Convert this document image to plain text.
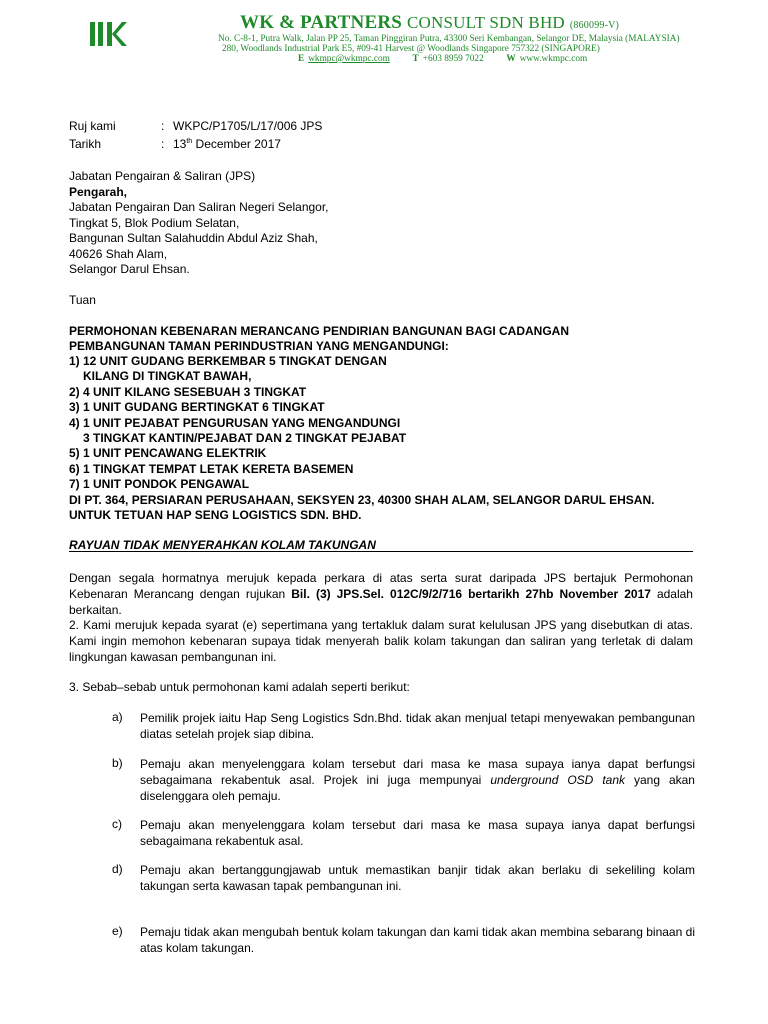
WK & PARTNERS CONSULT SDN BHD (860099-V)
No. C-8-1, Putra Walk, Jalan PP 25, Taman Pinggiran Putra, 43300 Seri Kembangan, Selangor DE, Malaysia (MALAYSIA)
280, Woodlands Industrial Park E5, #09-41 Harvest @ Woodlands Singapore 757322 (SINGAPORE)
E wkmpc@wkmpc.com T +603 8959 7022 W www.wkmpc.com
Ruj kami	: WKPC/P1705/L/17/006 JPS
Tarikh	: 13th December 2017
Jabatan Pengairan & Saliran (JPS)
Pengarah,
Jabatan Pengairan Dan Saliran Negeri Selangor,
Tingkat 5, Blok Podium Selatan,
Bangunan Sultan Salahuddin Abdul Aziz Shah,
40626 Shah Alam,
Selangor Darul Ehsan.
Tuan
PERMOHONAN KEBENARAN MERANCANG PENDIRIAN BANGUNAN BAGI CADANGAN
PEMBANGUNAN TAMAN PERINDUSTRIAN YANG MENGANDUNGI:
1) 12 UNIT GUDANG BERKEMBAR 5 TINGKAT DENGAN
KILANG DI TINGKAT BAWAH,
2) 4 UNIT KILANG SESEBUAH 3 TINGKAT
3) 1 UNIT GUDANG BERTINGKAT 6 TINGKAT
4) 1 UNIT PEJABAT PENGURUSAN YANG MENGANDUNGI
3 TINGKAT KANTIN/PEJABAT DAN 2 TINGKAT PEJABAT
5) 1 UNIT PENCAWANG ELEKTRIK
6) 1 TINGKAT TEMPAT LETAK KERETA BASEMEN
7) 1 UNIT PONDOK PENGAWAL
DI PT. 364, PERSIARAN PERUSAHAAN, SEKSYEN 23, 40300 SHAH ALAM, SELANGOR DARUL EHSAN.
UNTUK TETUAN HAP SENG LOGISTICS SDN. BHD.
RAYUAN TIDAK MENYERAHKAN KOLAM TAKUNGAN
Dengan segala hormatnya merujuk kepada perkara di atas serta surat daripada JPS bertajuk Permohonan Kebenaran Merancang dengan rujukan Bil. (3) JPS.Sel. 012C/9/2/716 bertarikh 27hb November 2017 adalah berkaitan.
2. Kami merujuk kepada syarat (e) sepertimana yang tertakluk dalam surat kelulusan JPS yang disebutkan di atas. Kami ingin memohon kebenaran supaya tidak menyerah balik kolam takungan dan saliran yang terletak di dalam lingkungan kawasan pembangunan ini.
3. Sebab–sebab untuk permohonan kami adalah seperti berikut:
a) Pemilik projek iaitu Hap Seng Logistics Sdn.Bhd. tidak akan menjual tetapi menyewakan pembangunan diatas setelah projek siap dibina.
b) Pemaju akan menyelenggara kolam tersebut dari masa ke masa supaya ianya dapat berfungsi sebagaimana rekabentuk asal. Projek ini juga mempunyai underground OSD tank yang akan diselenggara oleh pemaju.
c) Pemaju akan menyelenggara kolam tersebut dari masa ke masa supaya ianya dapat berfungsi sebagaimana rekabentuk asal.
d) Pemaju akan bertanggungjawab untuk memastikan banjir tidak akan berlaku di sekeliling kolam takungan serta kawasan tapak pembangunan ini.
e) Pemaju tidak akan mengubah bentuk kolam takungan dan kami tidak akan membina sebarang binaan di atas kolam takungan.
